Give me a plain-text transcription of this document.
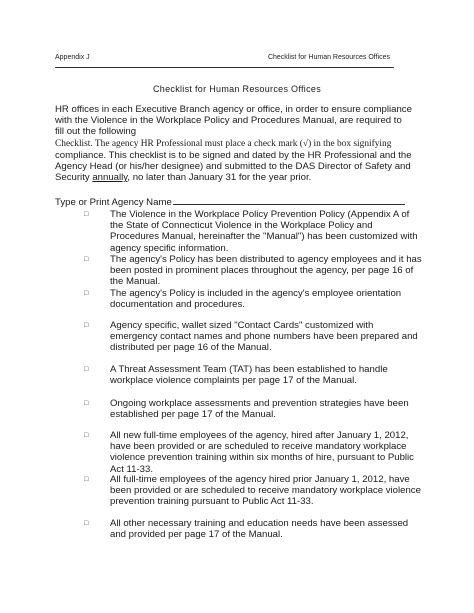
Appendix J	Checklist for Human Resources Offices
Checklist for Human Resources Offices
HR offices in each Executive Branch agency or office, in order to ensure compliance with the Violence in the Workplace Policy and Procedures Manual, are required to fill out the following
Checklist. The agency HR Professional must place a check mark (√) in the box signifying
compliance. This checklist is to be signed and dated by the HR Professional and the Agency Head (or his/her designee) and submitted to the DAS Director of Safety and Security annually, no later than January 31 for the year prior.
Type or Print Agency Name
□	The Violence in the Workplace Policy Prevention Policy (Appendix A of the State of Connecticut Violence in the Workplace Policy and Procedures Manual, hereinafter the "Manual") has been customized with agency specific information.
□	The agency's Policy has been distributed to agency employees and it has been posted in prominent places throughout the agency, per page 16 of the Manual.
□	The agency's Policy is included in the agency's employee orientation documentation and procedures.
□	Agency specific, wallet sized "Contact Cards" customized with emergency contact names and phone numbers have been prepared and distributed per page 16 of the Manual.
□	A Threat Assessment Team (TAT) has been established to handle workplace violence complaints per page 17 of the Manual.
□	Ongoing workplace assessments and prevention strategies have been established per page 17 of the Manual.
□	All new full-time employees of the agency, hired after January 1, 2012, have been provided or are scheduled to receive mandatory workplace violence prevention training within six months of hire, pursuant to Public Act 11-33.
□	All full-time employees of the agency hired prior January 1, 2012, have been provided or are scheduled to receive mandatory workplace violence prevention training pursuant to Public Act 11-33.
□	All other necessary training and education needs have been assessed and provided per page 17 of the Manual.
